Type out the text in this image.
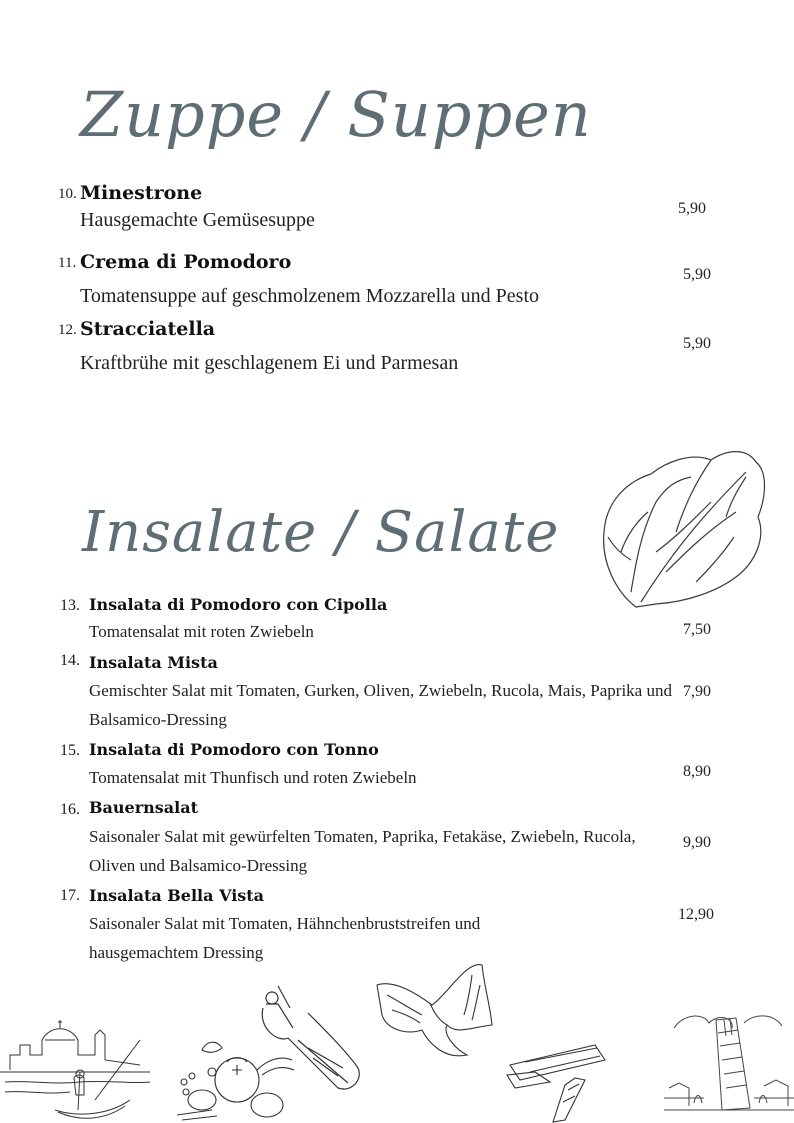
Zuppe / Suppen
Insalate / Salate
10. Minestrone
Hausgemachte Gemüsesuppe
5,90
11. Crema di Pomodoro
Tomatensuppe auf geschmolzenem Mozzarella und Pesto
5,90
12. Stracciatella
Kraftbrühe mit geschlagenem Ei und Parmesan
5,90
13. Insalata di Pomodoro con Cipolla
Tomatensalat mit roten Zwiebeln	7,50
14. Insalata Mista
Gemischter Salat mit Tomaten, Gurken, Oliven, Zwiebeln, Rucola, Mais, Paprika und Balsamico-Dressing
7,90
15. Insalata di Pomodoro con Tonno
Tomatensalat mit Thunfisch und roten Zwiebeln	8,90
16. Bauernsalat
Saisonaler Salat mit gewürfelten Tomaten, Paprika, Fetakäse, Zwiebeln, Rucola, Oliven und Balsamico-Dressing
9,90
17. Insalata Bella Vista
Saisonaler Salat mit Tomaten, Hähnchenbruststreifen und hausgemachtem Dressing
12,90
